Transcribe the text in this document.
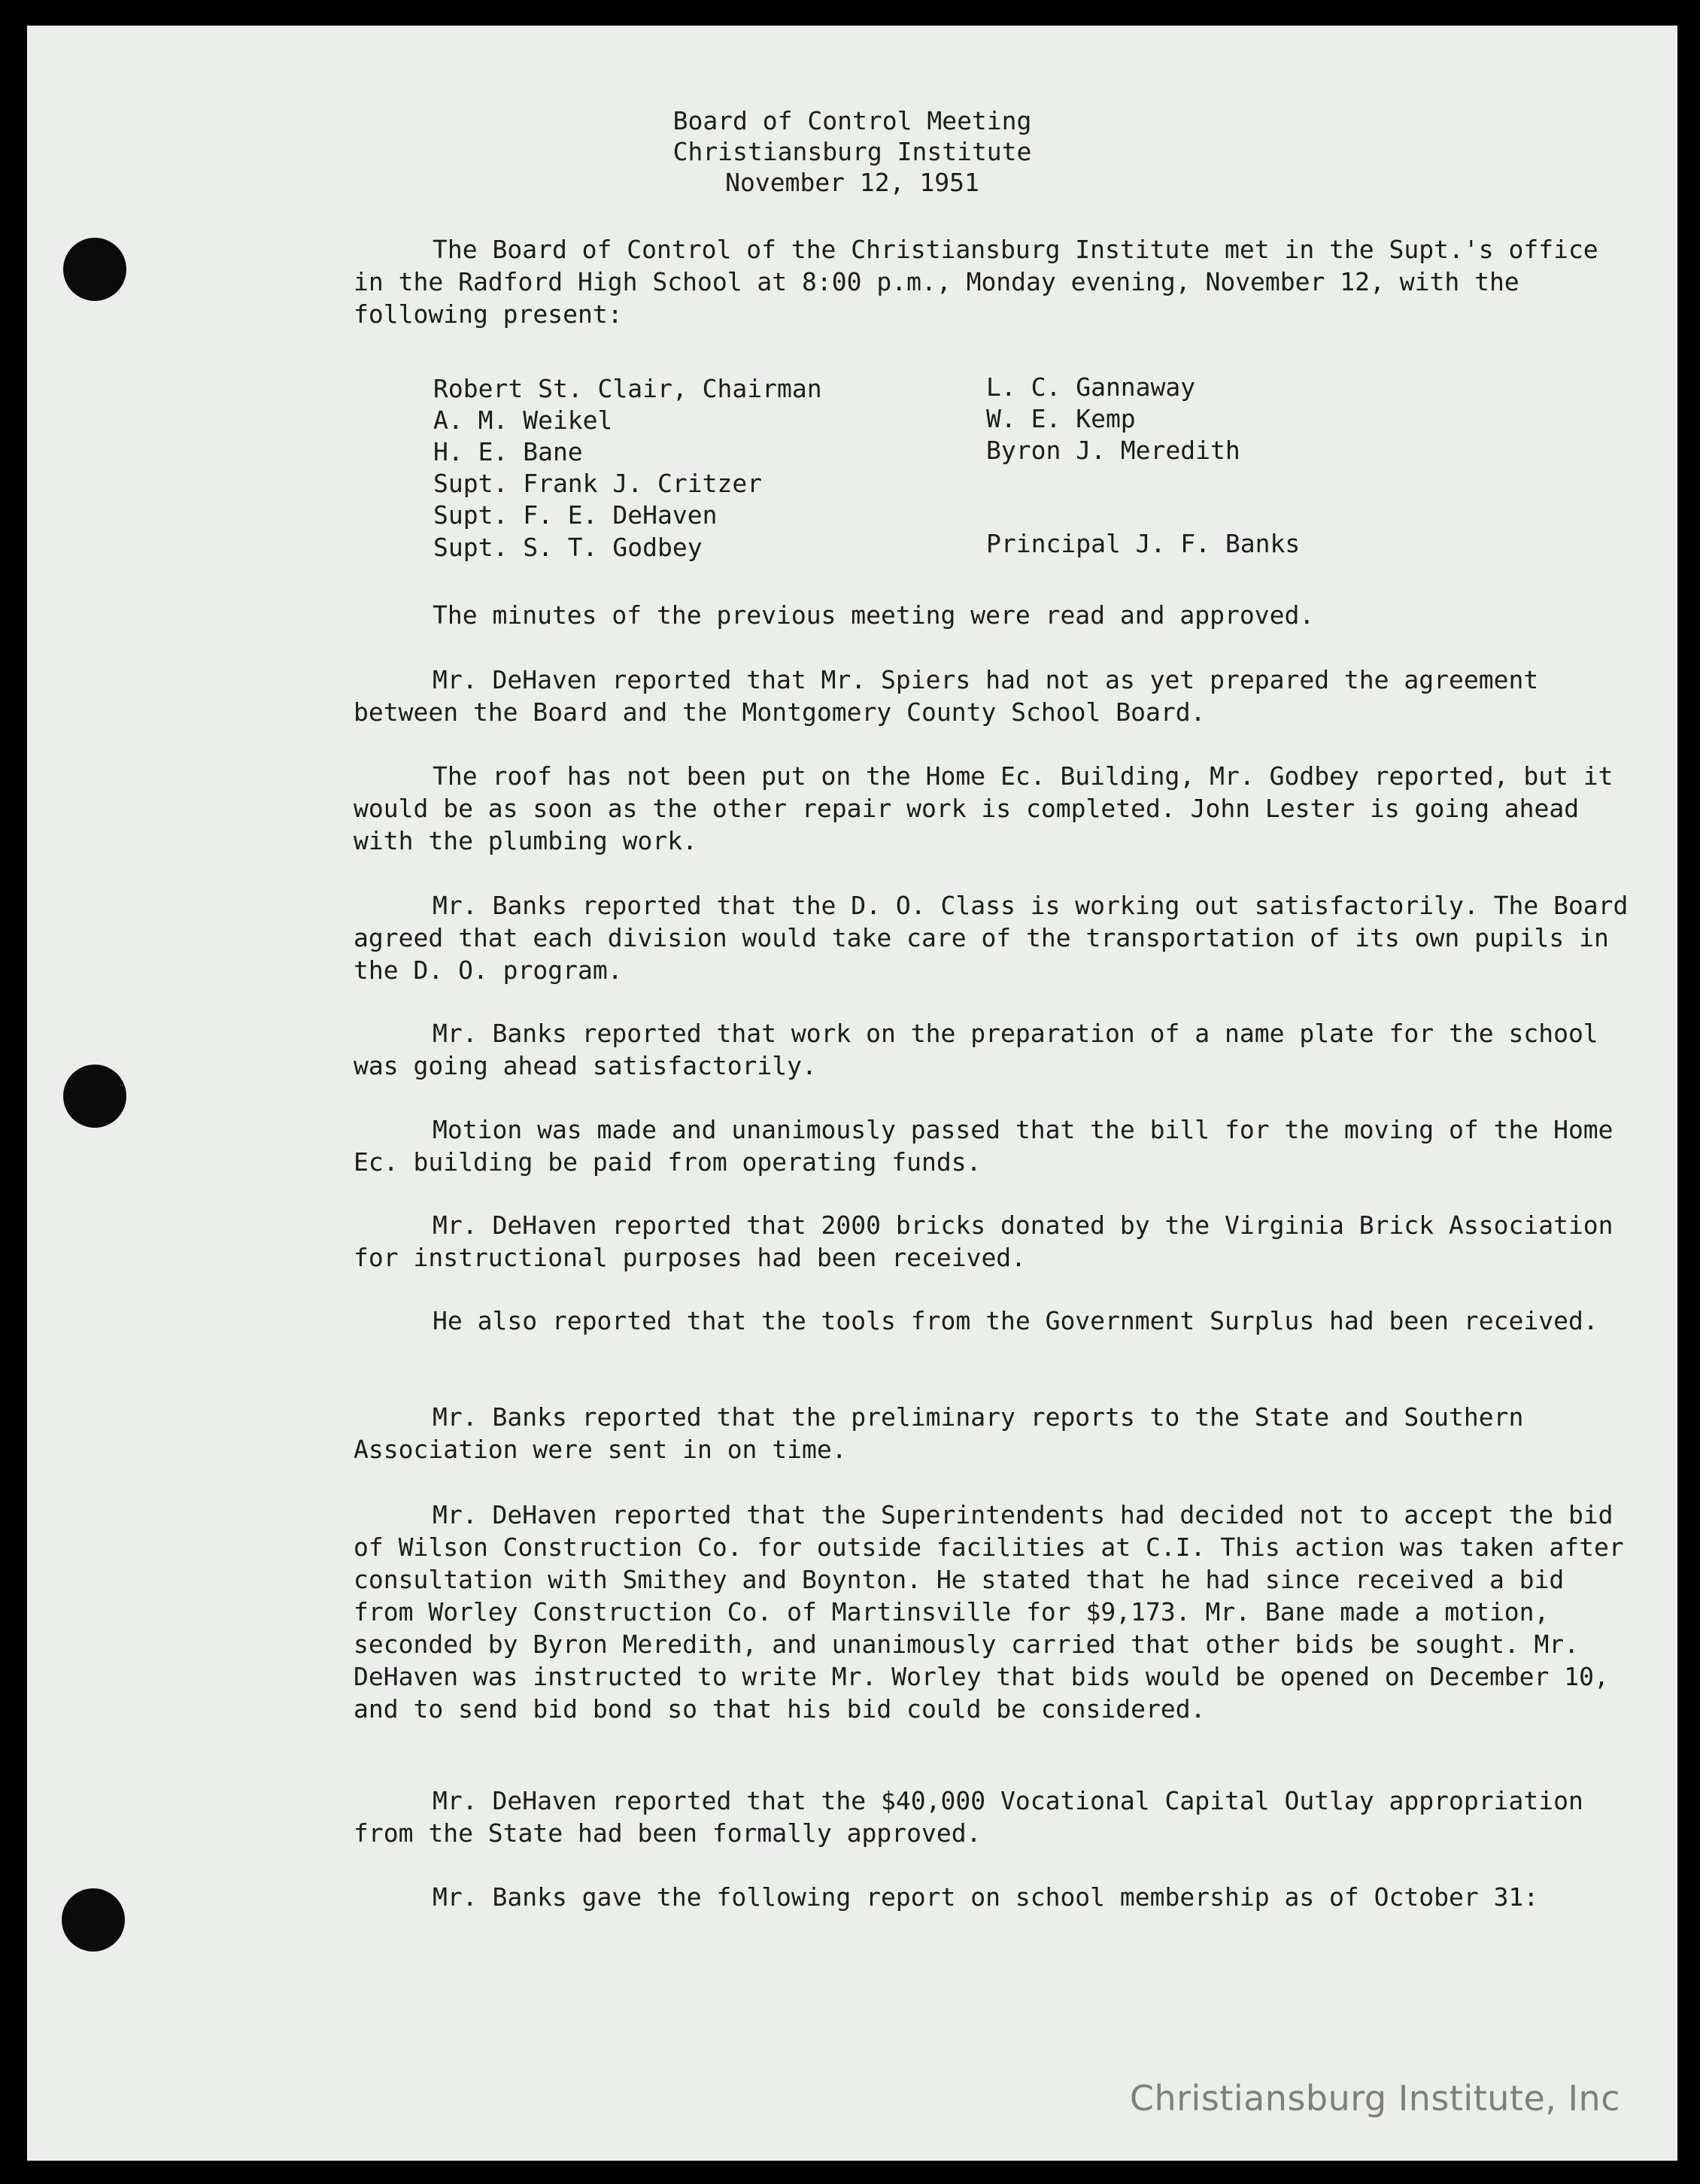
Board of Control Meeting
Christiansburg Institute
November 12, 1951

The Board of Control of the Christiansburg Institute met in the Supt.'s office in the Radford High School at 8:00 p.m., Monday evening, November 12, with the following present:

Robert St. Clair, Chairman
A. M. Weikel
H. E. Bane
Supt. Frank J. Critzer
Supt. F. E. DeHaven
Supt. S. T. Godbey
L. C. Gannaway
W. E. Kemp
Byron J. Meredith
Principal J. F. Banks

The minutes of the previous meeting were read and approved.

Mr. DeHaven reported that Mr. Spiers had not as yet prepared the agreement between the Board and the Montgomery County School Board.

The roof has not been put on the Home Ec. Building, Mr. Godbey reported, but it would be as soon as the other repair work is completed. John Lester is going ahead with the plumbing work.

Mr. Banks reported that the D. O. Class is working out satisfactorily. The Board agreed that each division would take care of the transportation of its own pupils in the D. O. program.

Mr. Banks reported that work on the preparation of a name plate for the school was going ahead satisfactorily.

Motion was made and unanimously passed that the bill for the moving of the Home Ec. building be paid from operating funds.

Mr. DeHaven reported that 2000 bricks donated by the Virginia Brick Association for instructional purposes had been received.

He also reported that the tools from the Government Surplus had been received.

Mr. Banks reported that the preliminary reports to the State and Southern Association were sent in on time.

Mr. DeHaven reported that the Superintendents had decided not to accept the bid of Wilson Construction Co. for outside facilities at C.I. This action was taken after consultation with Smithey and Boynton. He stated that he had since received a bid from Worley Construction Co. of Martinsville for $9,173. Mr. Bane made a motion, seconded by Byron Meredith, and unanimously carried that other bids be sought. Mr. DeHaven was instructed to write Mr. Worley that bids would be opened on December 10, and to send bid bond so that his bid could be considered.

Mr. DeHaven reported that the $40,000 Vocational Capital Outlay appropriation from the State had been formally approved.

Mr. Banks gave the following report on school membership as of October 31:

Christiansburg Institute, Inc
